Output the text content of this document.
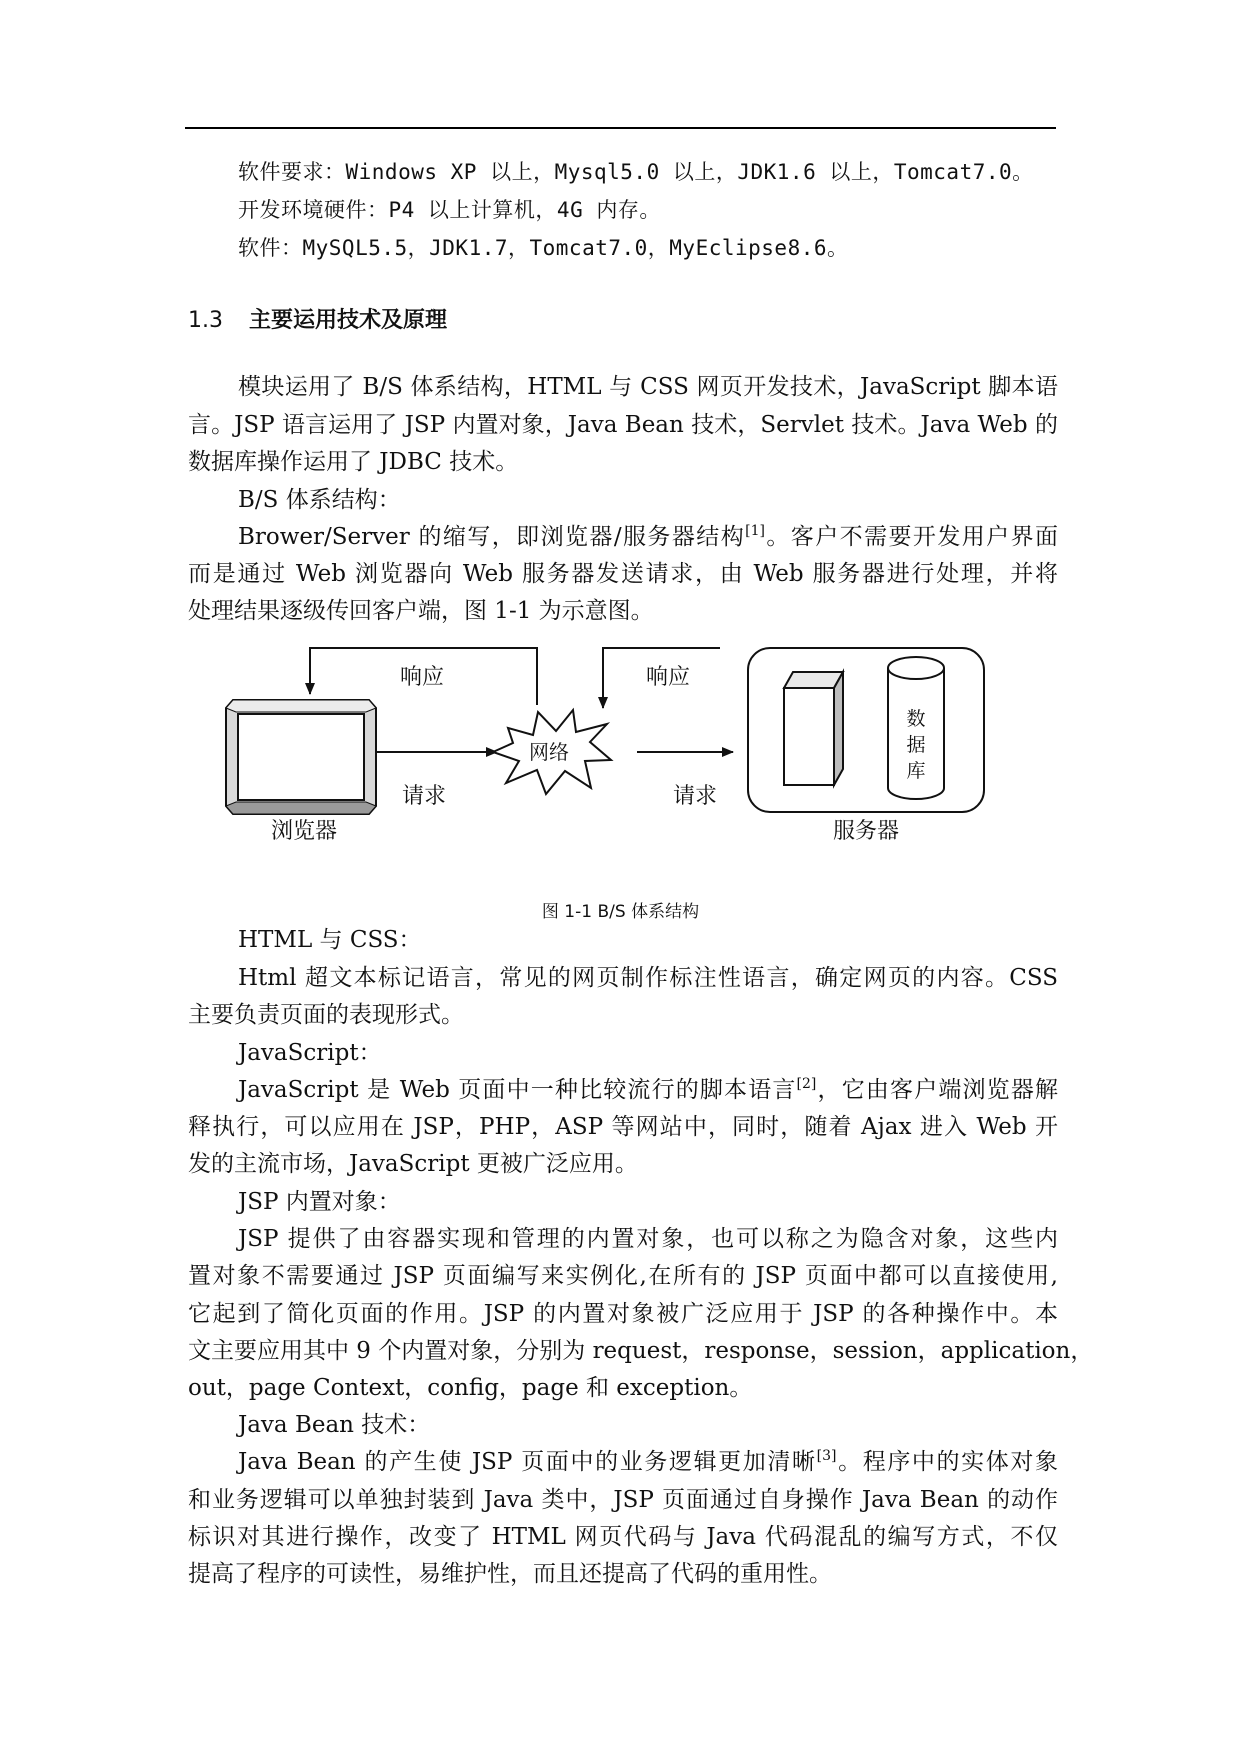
软件要求：Windows XP 以上，Mysql5.0 以上，JDK1.6 以上，Tomcat7.0。
开发环境硬件：P4 以上计算机，4G 内存。
软件：MySQL5.5，JDK1.7，Tomcat7.0，MyEclipse8.6。
1.3 主要运用技术及原理
模块运用了 B/S 体系结构，HTML 与 CSS 网页开发技术，JavaScript 脚本语
言。JSP 语言运用了 JSP 内置对象，Java Bean 技术，Servlet 技术。Java Web 的
数据库操作运用了 JDBC 技术。
B/S 体系结构：
Brower/Server 的缩写，即浏览器/服务器结构[1]。客户不需要开发用户界面
而是通过 Web 浏览器向 Web 服务器发送请求，由 Web 服务器进行处理，并将
处理结果逐级传回客户端，图 1-1 为示意图。
响应
请求
网络
响应
请求
数
据
库
浏览器	服务器
图 1-1 B/S 体系结构
HTML 与 CSS：
Html 超文本标记语言，常见的网页制作标注性语言，确定网页的内容。CSS
主要负责页面的表现形式。
JavaScript：
JavaScript 是 Web 页面中一种比较流行的脚本语言[2]，它由客户端浏览器解
释执行，可以应用在 JSP，PHP，ASP 等网站中，同时，随着 Ajax 进入 Web 开
发的主流市场，JavaScript 更被广泛应用。
JSP 内置对象：
JSP 提供了由容器实现和管理的内置对象，也可以称之为隐含对象，这些内
置对象不需要通过 JSP 页面编写来实例化,在所有的 JSP 页面中都可以直接使用,
它起到了简化页面的作用。JSP 的内置对象被广泛应用于 JSP 的各种操作中。本
文主要应用其中 9 个内置对象，分别为 request，response，session，application，
out，page Context，config，page 和 exception。
Java Bean 技术：
Java Bean 的产生使 JSP 页面中的业务逻辑更加清晰[3]。程序中的实体对象
和业务逻辑可以单独封装到 Java 类中，JSP 页面通过自身操作 Java Bean 的动作
标识对其进行操作，改变了 HTML 网页代码与 Java 代码混乱的编写方式，不仅
提高了程序的可读性，易维护性，而且还提高了代码的重用性。
